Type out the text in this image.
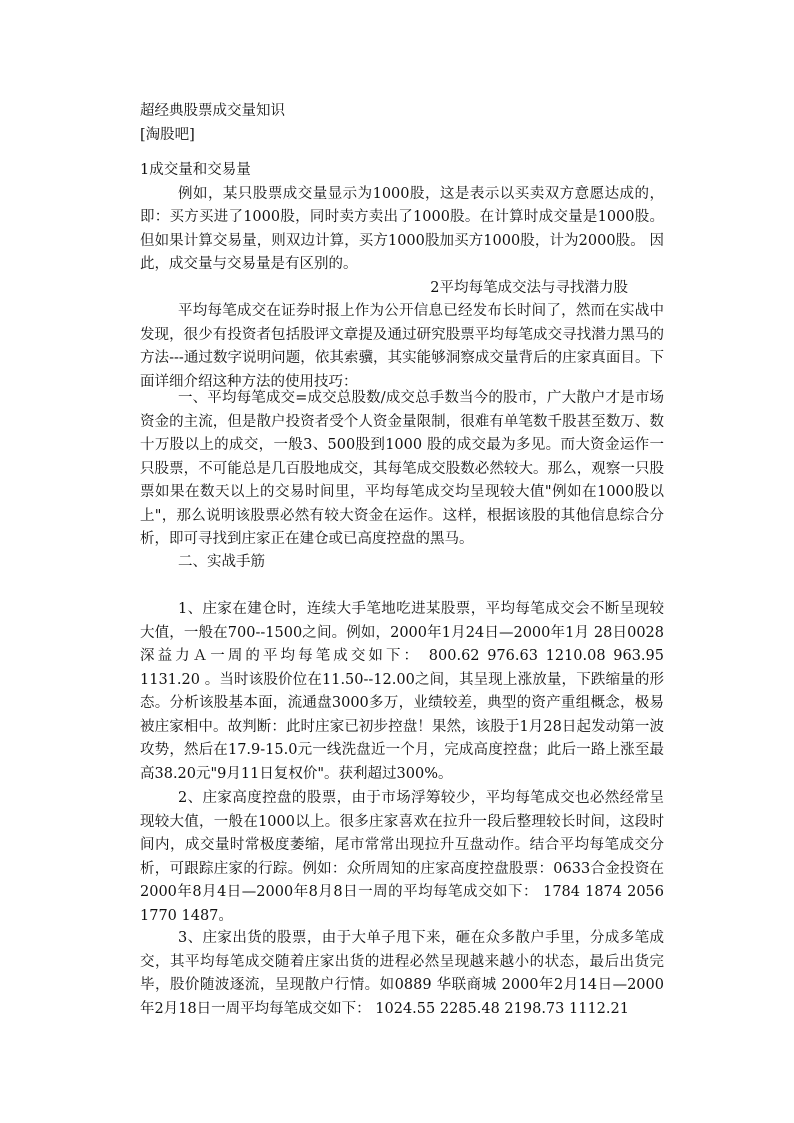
超经典股票成交量知识

[淘股吧]

1成交量和交易量

例如，某只股票成交量显示为1000股，这是表示以买卖双方意愿达成的，即：买方买进了1000股，同时卖方卖出了1000股。在计算时成交量是1000股。但如果计算交易量，则双边计算，买方1000股加买方1000股，计为2000股。 因此，成交量与交易量是有区别的。

2平均每笔成交法与寻找潜力股

平均每笔成交在证券时报上作为公开信息已经发布长时间了，然而在实战中发现，很少有投资者包括股评文章提及通过研究股票平均每笔成交寻找潜力黑马的方法---通过数字说明问题，依其索骥，其实能够洞察成交量背后的庄家真面目。下面详细介绍这种方法的使用技巧：

一、平均每笔成交=成交总股数/成交总手数当今的股市，广大散户才是市场资金的主流，但是散户投资者受个人资金量限制，很难有单笔数千股甚至数万、数十万股以上的成交，一般3、500股到1000 股的成交最为多见。而大资金运作一只股票，不可能总是几百股地成交，其每笔成交股数必然较大。那么，观察一只股票如果在数天以上的交易时间里，平均每笔成交均呈现较大值"例如在1000股以上"，那么说明该股票必然有较大资金在运作。这样，根据该股的其他信息综合分析，即可寻找到庄家正在建仓或已高度控盘的黑马。

二、实战手筋

1、庄家在建仓时，连续大手笔地吃进某股票，平均每笔成交会不断呈现较大值，一般在700--1500之间。例如，2000年1月24日—2000年1月 28日0028深益力Ａ一周的平均每笔成交如下： 800.62 976.63 1210.08 963.95 1131.20 。当时该股价位在11.50--12.00之间，其呈现上涨放量，下跌缩量的形态。分析该股基本面，流通盘3000多万，业绩较差，典型的资产重组概念，极易被庄家相中。故判断：此时庄家已初步控盘！果然，该股于1月28日起发动第一波攻势，然后在17.9-15.0元一线洗盘近一个月，完成高度控盘；此后一路上涨至最高38.20元"9月11日复权价"。获利超过300%。

2、庄家高度控盘的股票，由于市场浮筹较少，平均每笔成交也必然经常呈现较大值，一般在1000以上。很多庄家喜欢在拉升一段后整理较长时间，这段时间内，成交量时常极度萎缩，尾市常常出现拉升互盘动作。结合平均每笔成交分析，可跟踪庄家的行踪。例如：众所周知的庄家高度控盘股票：0633合金投资在2000年8月4日—2000年8月8日一周的平均每笔成交如下： 1784 1874 2056 1770 1487。

3、庄家出货的股票，由于大单子甩下来，砸在众多散户手里，分成多笔成交，其平均每笔成交随着庄家出货的进程必然呈现越来越小的状态，最后出货完毕，股价随波逐流，呈现散户行情。如0889 华联商城 2000年2月14日—2000年2月18日一周平均每笔成交如下： 1024.55 2285.48 2198.73 1112.21
